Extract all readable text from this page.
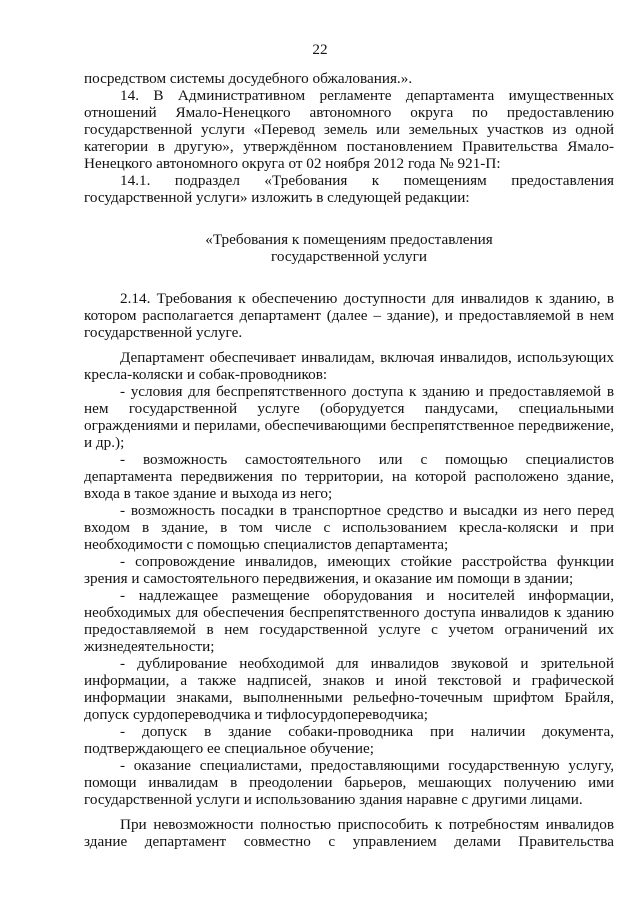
22
посредством системы досудебного обжалования.».
14. В Административном регламенте департамента имущественных
отношений Ямало-Ненецкого автономного округа по предоставлению
государственной услуги «Перевод земель или земельных участков из одной
категории в другую», утверждённом постановлением Правительства Ямало-
Ненецкого автономного округа от 02 ноября 2012 года № 921-П:
14.1. подраздел «Требования к помещениям предоставления
государственной услуги» изложить в следующей редакции:
«Требования к помещениям предоставления
государственной услуги
2.14. Требования к обеспечению доступности для инвалидов к зданию, в
котором располагается департамент (далее – здание), и предоставляемой в нем
государственной услуге.
Департамент обеспечивает инвалидам, включая инвалидов, использующих
кресла-коляски и собак-проводников:
- условия для беспрепятственного доступа к зданию и предоставляемой в
нем государственной услуге (оборудуется пандусами, специальными
ограждениями и перилами, обеспечивающими беспрепятственное передвижение,
и др.);
- возможность самостоятельного или с помощью специалистов
департамента передвижения по территории, на которой расположено здание,
входа в такое здание и выхода из него;
- возможность посадки в транспортное средство и высадки из него перед
входом в здание, в том числе с использованием кресла-коляски и при
необходимости с помощью специалистов департамента;
- сопровождение инвалидов, имеющих стойкие расстройства функции
зрения и самостоятельного передвижения, и оказание им помощи в здании;
- надлежащее размещение оборудования и носителей информации,
необходимых для обеспечения беспрепятственного доступа инвалидов к зданию
предоставляемой в нем государственной услуге с учетом ограничений их
жизнедеятельности;
- дублирование необходимой для инвалидов звуковой и зрительной
информации, а также надписей, знаков и иной текстовой и графической
информации знаками, выполненными рельефно-точечным шрифтом Брайля,
допуск сурдопереводчика и тифлосурдопереводчика;
- допуск в здание собаки-проводника при наличии документа,
подтверждающего ее специальное обучение;
- оказание специалистами, предоставляющими государственную услугу,
помощи инвалидам в преодолении барьеров, мешающих получению ими
государственной услуги и использованию здания наравне с другими лицами.
При невозможности полностью приспособить к потребностям инвалидов
здание департамент совместно с управлением делами Правительства
